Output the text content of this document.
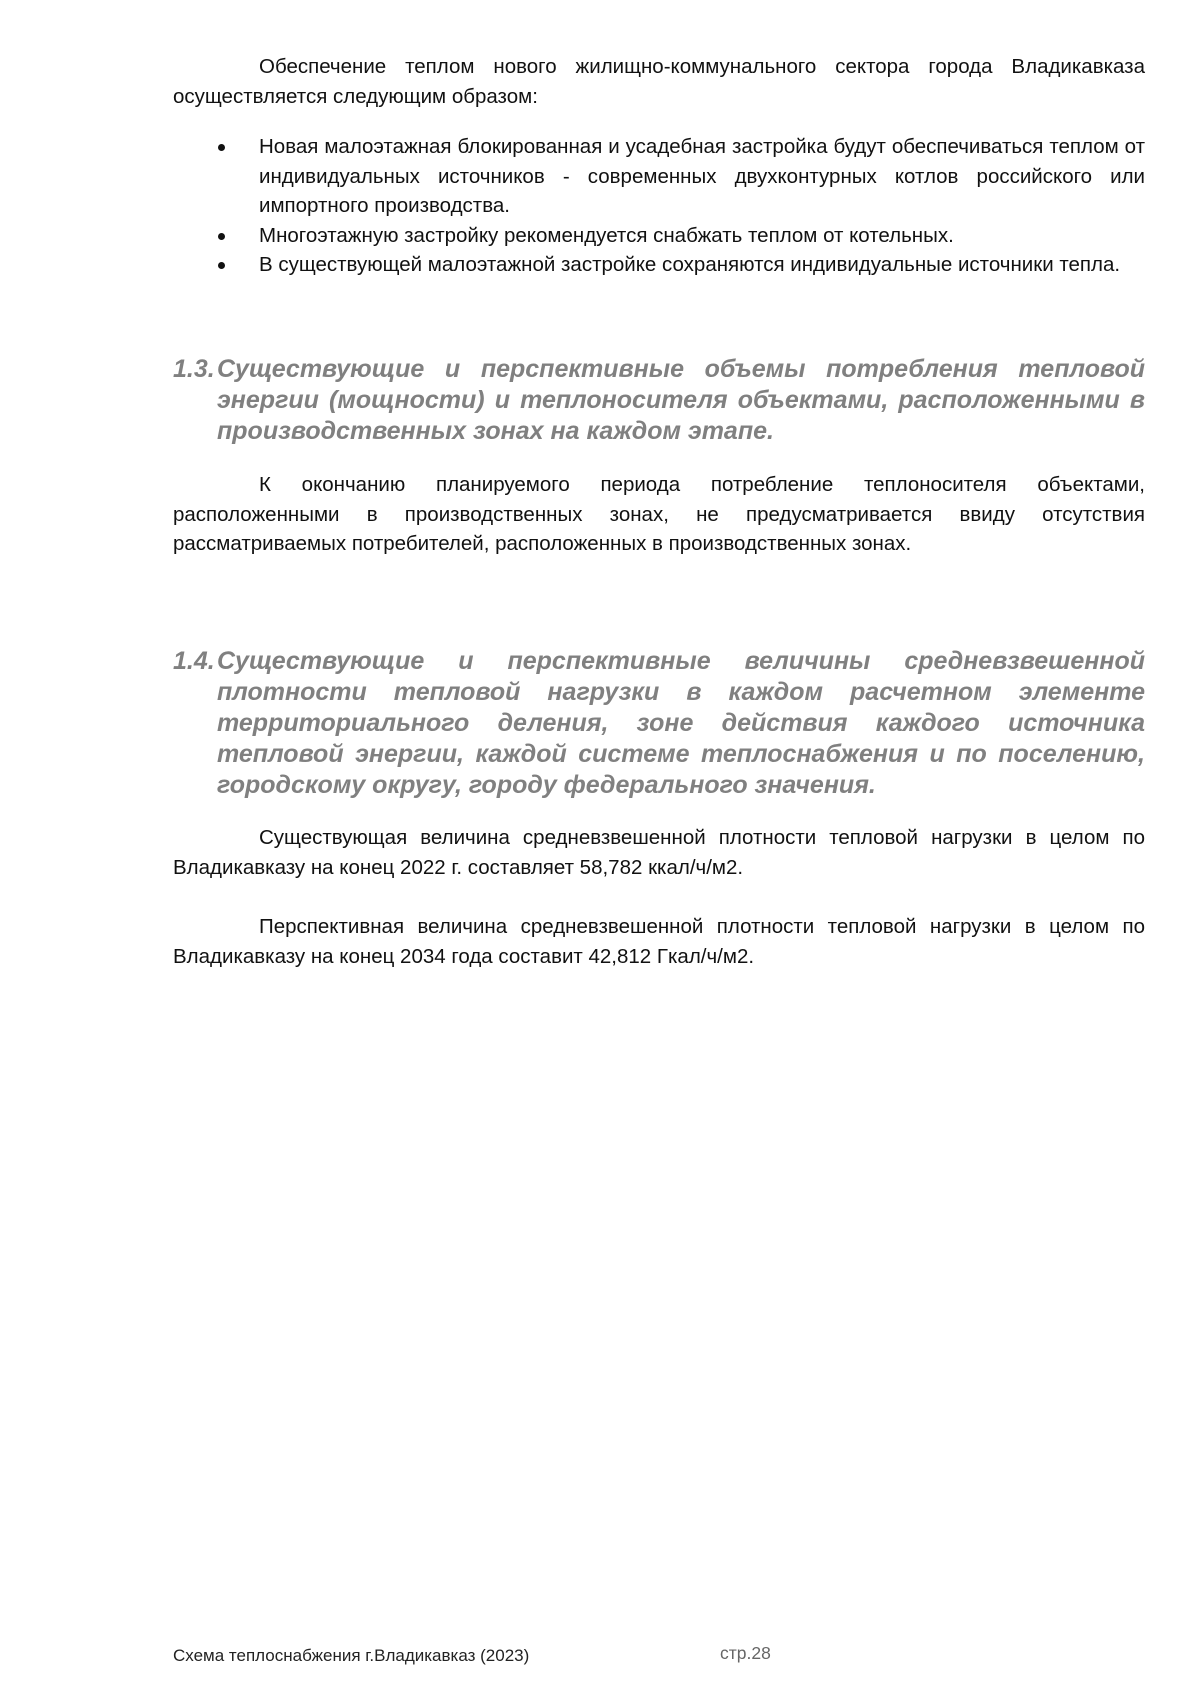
Обеспечение теплом нового жилищно-коммунального сектора города Владикавказа осуществляется следующим образом:

Новая малоэтажная блокированная и усадебная застройка будут обеспечиваться теплом от индивидуальных источников - современных двухконтурных котлов российского или импортного производства.
Многоэтажную застройку рекомендуется снабжать теплом от котельных.
В существующей малоэтажной застройке сохраняются индивидуальные источники тепла.
1.3.Существующие и перспективные объемы потребления тепловой энергии (мощности) и теплоносителя объектами, расположенными в производственных зонах на каждом этапе.

К окончанию планируемого периода потребление теплоносителя объектами, расположенными в производственных зонах, не предусматривается ввиду отсутствия рассматриваемых потребителей, расположенных в производственных зонах.

1.4.Существующие и перспективные величины средневзвешенной плотности тепловой нагрузки в каждом расчетном элементе территориального деления, зоне действия каждого источника тепловой энергии, каждой системе теплоснабжения и по поселению, городскому округу, городу федерального значения.

Существующая величина средневзвешенной плотности тепловой нагрузки в целом по Владикавказу на конец 2022 г. составляет 58,782 ккал/ч/м2.

Перспективная величина средневзвешенной плотности тепловой нагрузки в целом по Владикавказу на конец 2034 года составит 42,812 Гкал/ч/м2.

Схема теплоснабжения г.Владикавказ (2023)	стр.28
